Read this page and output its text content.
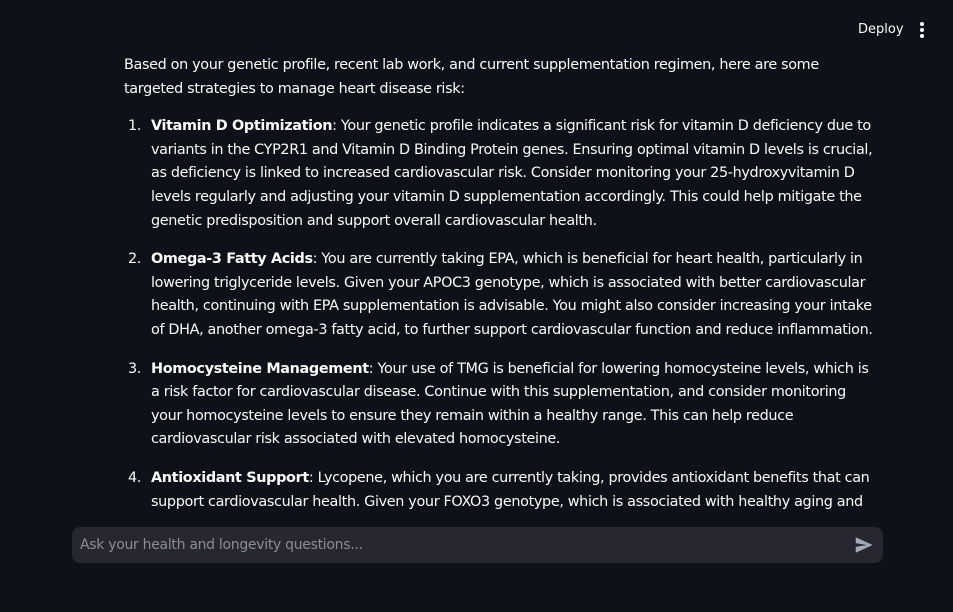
Deploy

Based on your genetic profile, recent lab work, and current supplementation regimen, here are some targeted strategies to manage heart disease risk:

1. Vitamin D Optimization: Your genetic profile indicates a significant risk for vitamin D deficiency due to variants in the CYP2R1 and Vitamin D Binding Protein genes. Ensuring optimal vitamin D levels is crucial, as deficiency is linked to increased cardiovascular risk. Consider monitoring your 25-hydroxyvitamin D levels regularly and adjusting your vitamin D supplementation accordingly. This could help mitigate the genetic predisposition and support overall cardiovascular health.
2. Omega-3 Fatty Acids: You are currently taking EPA, which is beneficial for heart health, particularly in lowering triglyceride levels. Given your APOC3 genotype, which is associated with better cardiovascular health, continuing with EPA supplementation is advisable. You might also consider increasing your intake of DHA, another omega-3 fatty acid, to further support cardiovascular function and reduce inflammation.
3. Homocysteine Management: Your use of TMG is beneficial for lowering homocysteine levels, which is a risk factor for cardiovascular disease. Continue with this supplementation, and consider monitoring your homocysteine levels to ensure they remain within a healthy range. This can help reduce cardiovascular risk associated with elevated homocysteine.
4. Antioxidant Support: Lycopene, which you are currently taking, provides antioxidant benefits that can support cardiovascular health. Given your FOXO3 genotype, which is associated with healthy aging and
Ask your health and longevity questions...
